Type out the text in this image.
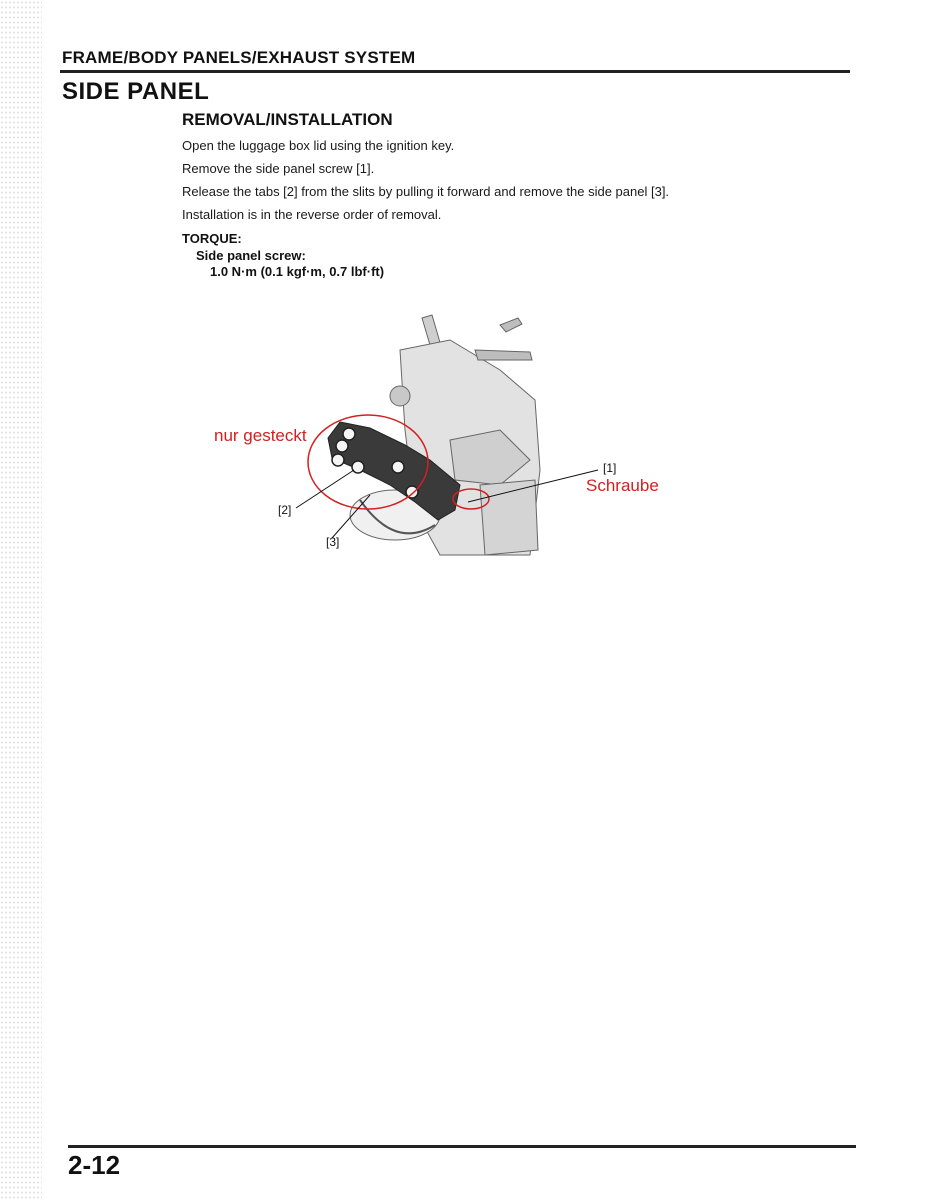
FRAME/BODY PANELS/EXHAUST SYSTEM
SIDE PANEL
REMOVAL/INSTALLATION
Open the luggage box lid using the ignition key.
Remove the side panel screw [1].
Release the tabs [2] from the slits by pulling it forward and remove the side panel [3].
Installation is in the reverse order of removal.
TORQUE:
Side panel screw:
1.0 N·m (0.1 kgf·m, 0.7 lbf·ft)
[1]
[2]
[3]
nur gesteckt
Schraube
2-12
